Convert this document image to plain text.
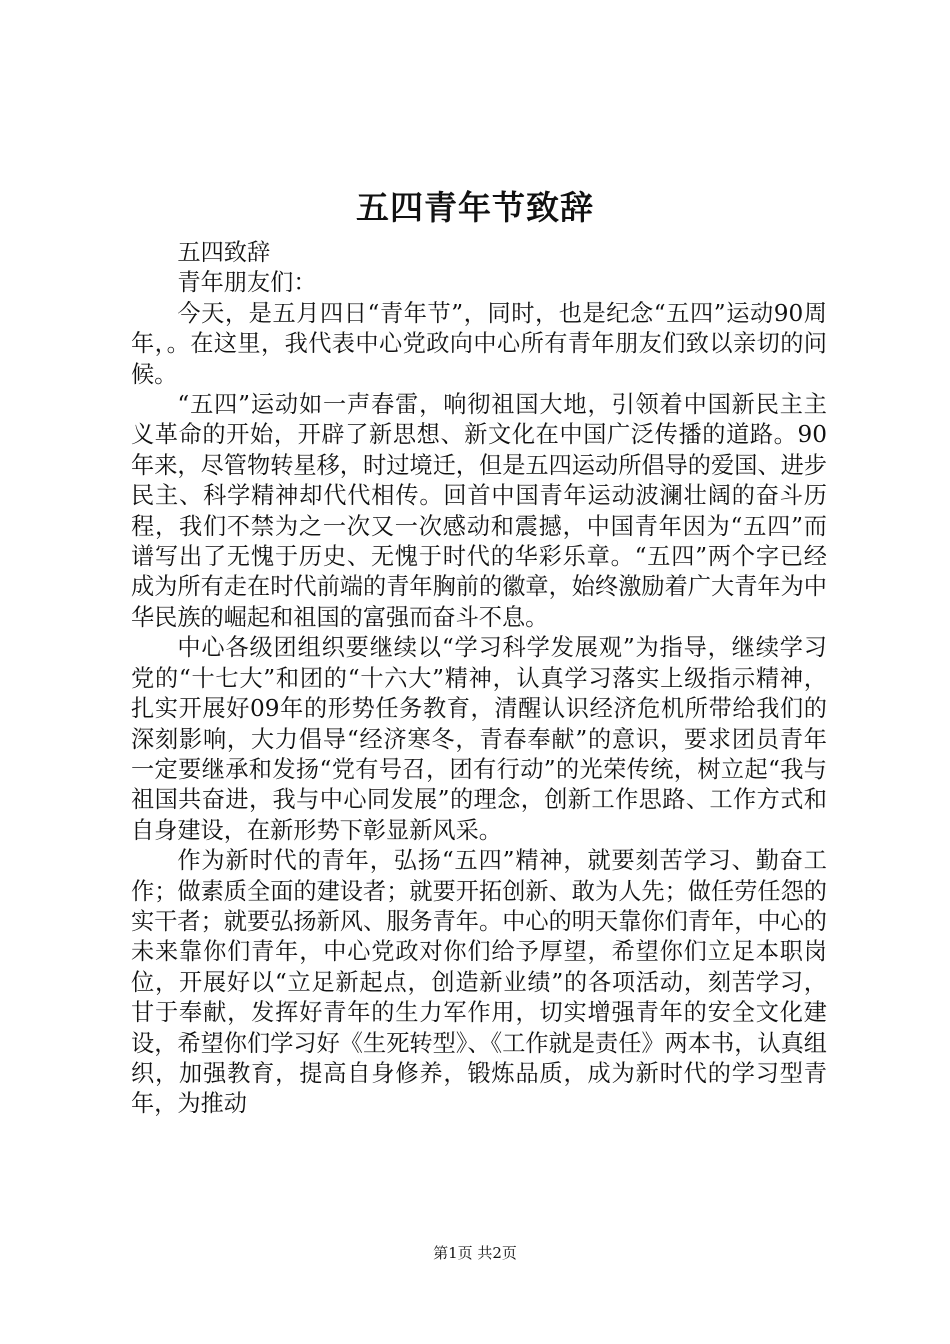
五四青年节致辞

五四致辞

青年朋友们：

今天，是五月四日“青年节”，同时，也是纪念“五四”运动90周年，。在这里，我代表中心党政向中心所有青年朋友们致以亲切的问候。

“五四”运动如一声春雷，响彻祖国大地，引领着中国新民主主义革命的开始，开辟了新思想、新文化在中国广泛传播的道路。90年来，尽管物转星移，时过境迁，但是五四运动所倡导的爱国、进步民主、科学精神却代代相传。回首中国青年运动波澜壮阔的奋斗历程，我们不禁为之一次又一次感动和震撼，中国青年因为“五四”而谱写出了无愧于历史、无愧于时代的华彩乐章。“五四”两个字已经成为所有走在时代前端的青年胸前的徽章，始终激励着广大青年为中华民族的崛起和祖国的富强而奋斗不息。

中心各级团组织要继续以“学习科学发展观”为指导，继续学习党的“十七大”和团的“十六大”精神，认真学习落实上级指示精神，扎实开展好09年的形势任务教育，清醒认识经济危机所带给我们的深刻影响，大力倡导“经济寒冬，青春奉献”的意识，要求团员青年一定要继承和发扬“党有号召，团有行动”的光荣传统，树立起“我与祖国共奋进，我与中心同发展”的理念，创新工作思路、工作方式和自身建设，在新形势下彰显新风采。

作为新时代的青年，弘扬“五四”精神，就要刻苦学习、勤奋工作；做素质全面的建设者；就要开拓创新、敢为人先；做任劳任怨的实干者；就要弘扬新风、服务青年。中心的明天靠你们青年，中心的未来靠你们青年，中心党政对你们给予厚望，希望你们立足本职岗位，开展好以“立足新起点，创造新业绩”的各项活动，刻苦学习，甘于奉献，发挥好青年的生力军作用，切实增强青年的安全文化建设，希望你们学习好《生死转型》、《工作就是责任》两本书，认真组织，加强教育，提高自身修养，锻炼品质，成为新时代的学习型青年，为推动

第1页 共2页
